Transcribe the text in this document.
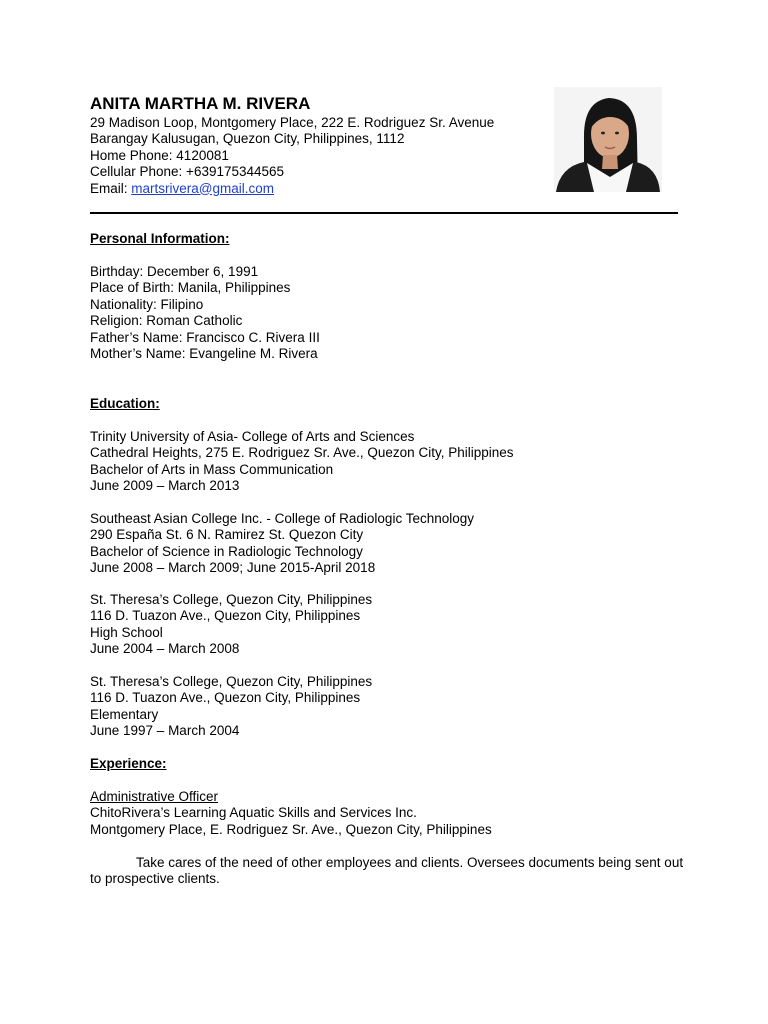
ANITA MARTHA M. RIVERA
29 Madison Loop, Montgomery Place, 222 E. Rodriguez Sr. Avenue
Barangay Kalusugan, Quezon City, Philippines, 1112
Home Phone: 4120081
Cellular Phone: +639175344565
Email: martsrivera@gmail.com
Personal Information:
Birthday: December 6, 1991
Place of Birth: Manila, Philippines
Nationality: Filipino
Religion: Roman Catholic
Father’s Name: Francisco C. Rivera III
Mother’s Name: Evangeline M. Rivera
Education:
Trinity University of Asia- College of Arts and Sciences
Cathedral Heights, 275 E. Rodriguez Sr. Ave., Quezon City, Philippines
Bachelor of Arts in Mass Communication
June 2009 – March 2013
Southeast Asian College Inc. - College of Radiologic Technology
290 España St. 6 N. Ramirez St. Quezon City
Bachelor of Science in Radiologic Technology
June 2008 – March 2009; June 2015-April 2018
St. Theresa’s College, Quezon City, Philippines
116 D. Tuazon Ave., Quezon City, Philippines
High School
June 2004 – March 2008
St. Theresa’s College, Quezon City, Philippines
116 D. Tuazon Ave., Quezon City, Philippines
Elementary
June 1997 – March 2004
Experience:
Administrative Officer
ChitoRivera’s Learning Aquatic Skills and Services Inc.
Montgomery Place, E. Rodriguez Sr. Ave., Quezon City, Philippines
Take cares of the need of other employees and clients. Oversees documents being sent out to prospective clients.
